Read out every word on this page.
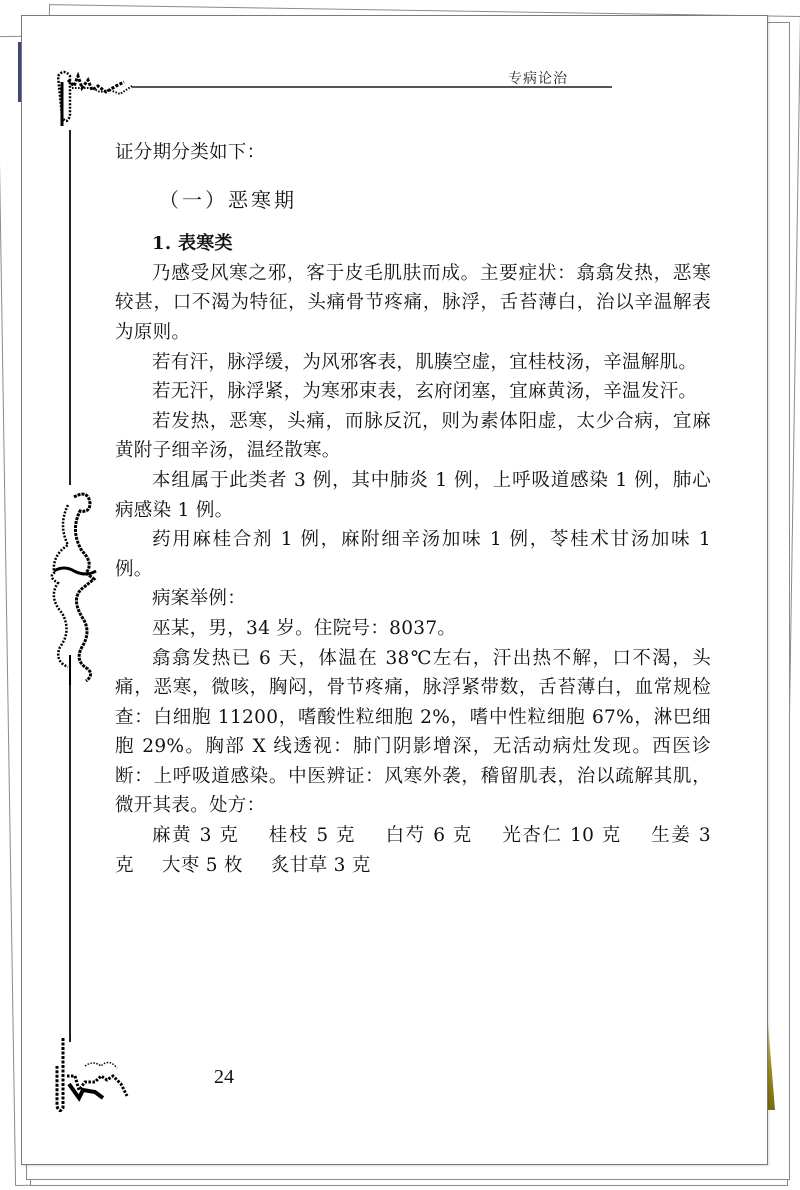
专病论治

证分期分类如下：

（一）恶寒期

1. 表寒类

乃感受风寒之邪，客于皮毛肌肤而成。主要症状：翕翕发热，恶寒较甚，口不渴为特征，头痛骨节疼痛，脉浮，舌苔薄白，治以辛温解表为原则。

若有汗，脉浮缓，为风邪客表，肌腠空虚，宜桂枝汤，辛温解肌。

若无汗，脉浮紧，为寒邪束表，玄府闭塞，宜麻黄汤，辛温发汗。

若发热，恶寒，头痛，而脉反沉，则为素体阳虚，太少合病，宜麻黄附子细辛汤，温经散寒。

本组属于此类者 3 例，其中肺炎 1 例，上呼吸道感染 1 例，肺心病感染 1 例。

药用麻桂合剂 1 例，麻附细辛汤加味 1 例，苓桂术甘汤加味 1 例。

病案举例：

巫某，男，34 岁。住院号：8037。

翕翕发热已 6 天，体温在 38℃左右，汗出热不解，口不渴，头痛，恶寒，微咳，胸闷，骨节疼痛，脉浮紧带数，舌苔薄白，血常规检查：白细胞 11200，嗜酸性粒细胞 2%，嗜中性粒细胞 67%，淋巴细胞 29%。胸部 X 线透视：肺门阴影增深，无活动病灶发现。西医诊断：上呼吸道感染。中医辨证：风寒外袭，稽留肌表，治以疏解其肌，微开其表。处方：

麻黄 3 克 桂枝 5 克 白芍 6 克 光杏仁 10 克 生姜 3 克 大枣 5 枚 炙甘草 3 克

24
